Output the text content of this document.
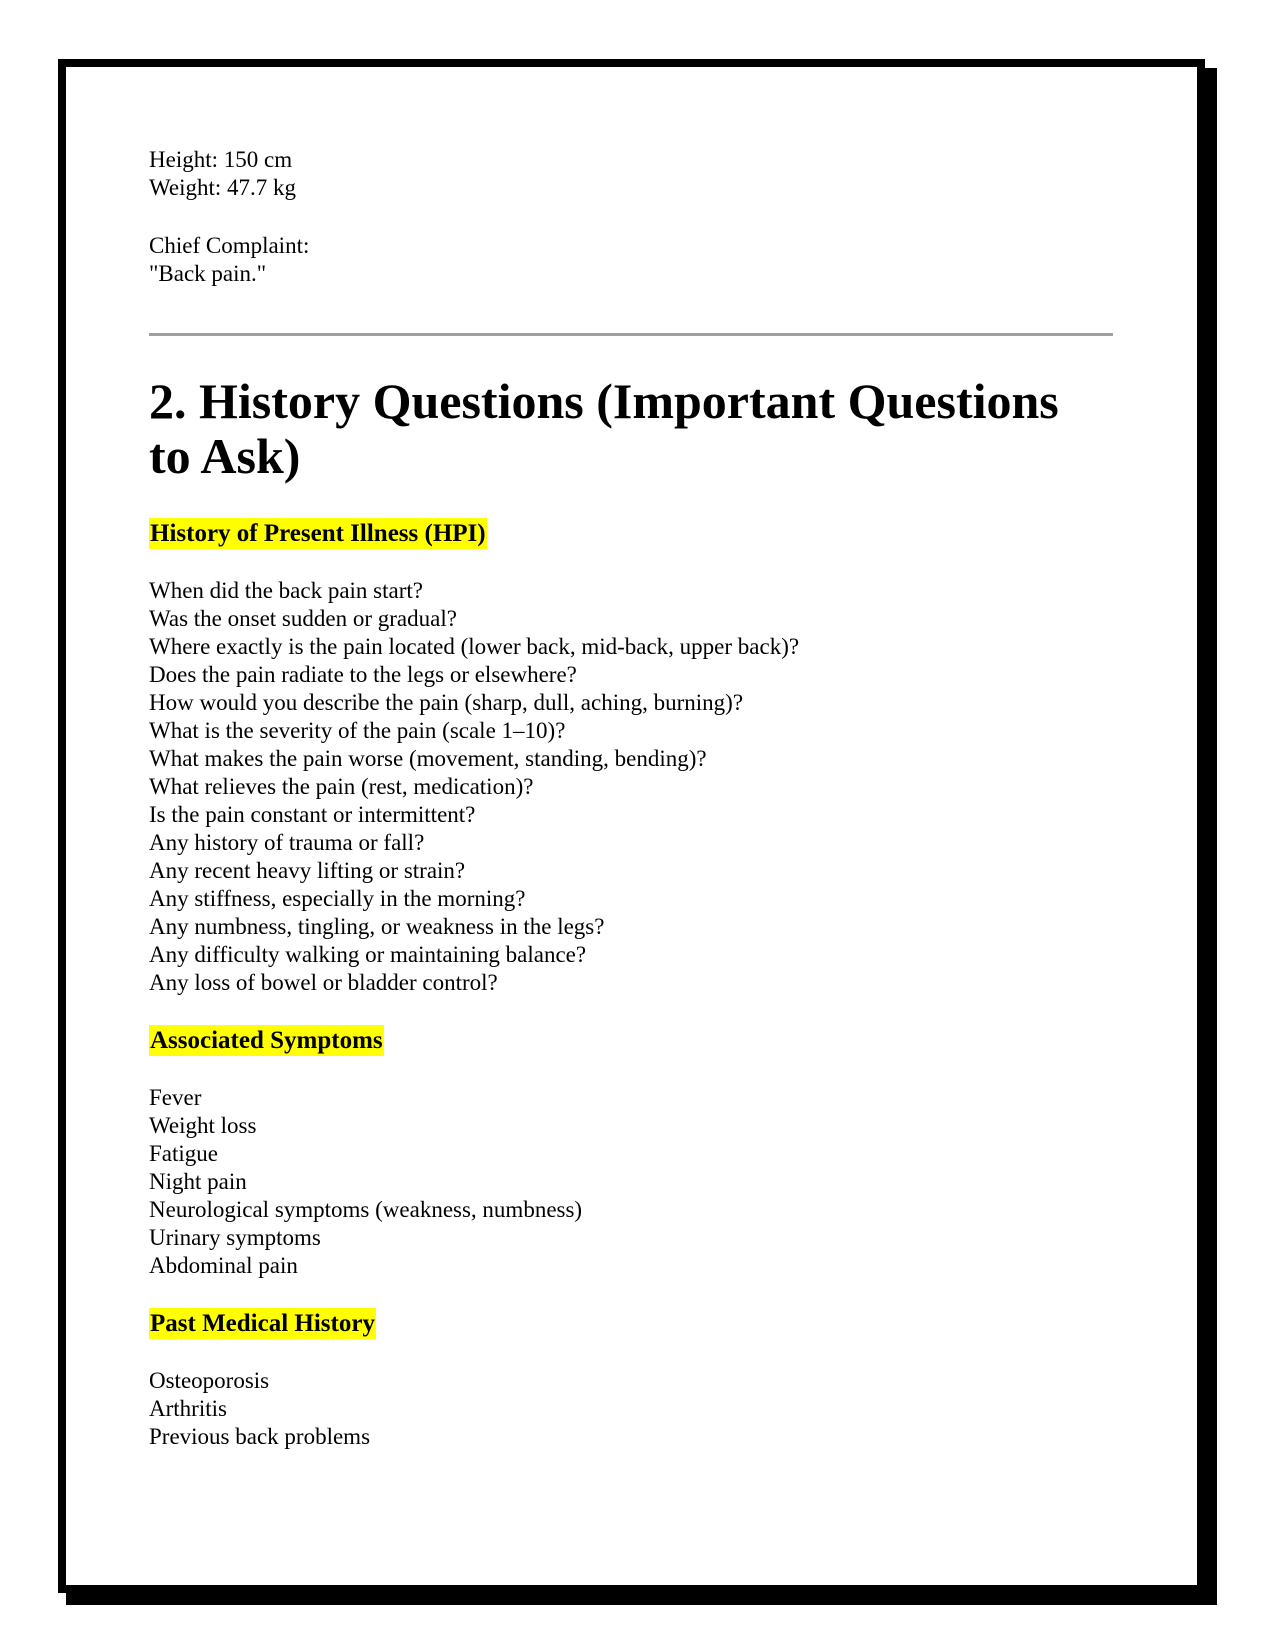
Height: 150 cm
Weight: 47.7 kg
Chief Complaint:
"Back pain."
2. History Questions (Important Questions to Ask)
History of Present Illness (HPI)
When did the back pain start?
Was the onset sudden or gradual?
Where exactly is the pain located (lower back, mid-back, upper back)?
Does the pain radiate to the legs or elsewhere?
How would you describe the pain (sharp, dull, aching, burning)?
What is the severity of the pain (scale 1–10)?
What makes the pain worse (movement, standing, bending)?
What relieves the pain (rest, medication)?
Is the pain constant or intermittent?
Any history of trauma or fall?
Any recent heavy lifting or strain?
Any stiffness, especially in the morning?
Any numbness, tingling, or weakness in the legs?
Any difficulty walking or maintaining balance?
Any loss of bowel or bladder control?
Associated Symptoms
Fever
Weight loss
Fatigue
Night pain
Neurological symptoms (weakness, numbness)
Urinary symptoms
Abdominal pain
Past Medical History
Osteoporosis
Arthritis
Previous back problems
